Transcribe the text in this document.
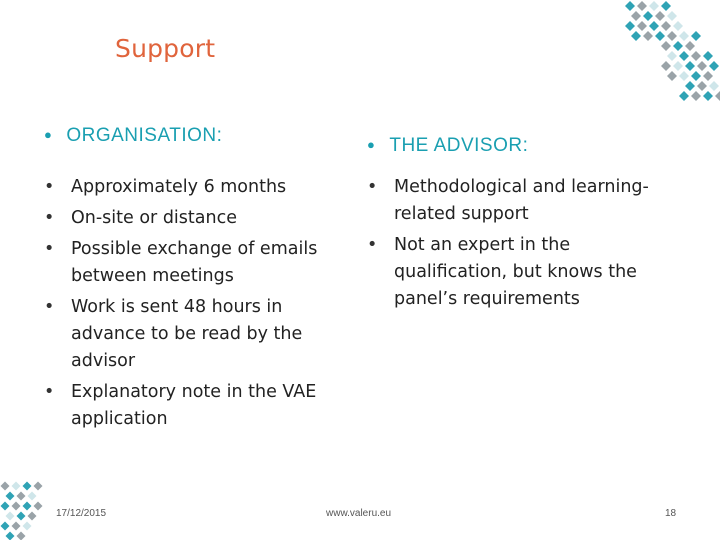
Support
● ORGANISATION:
• Approximately 6 months
• On-site or distance
• Possible exchange of emails between meetings
• Work is sent 48 hours in advance to be read by the advisor
• Explanatory note in the VAE application
● THE ADVISOR:
• Methodological and learning-related support
• Not an expert in the qualification, but knows the panel’s requirements
17/12/2015	www.valeru.eu	18
